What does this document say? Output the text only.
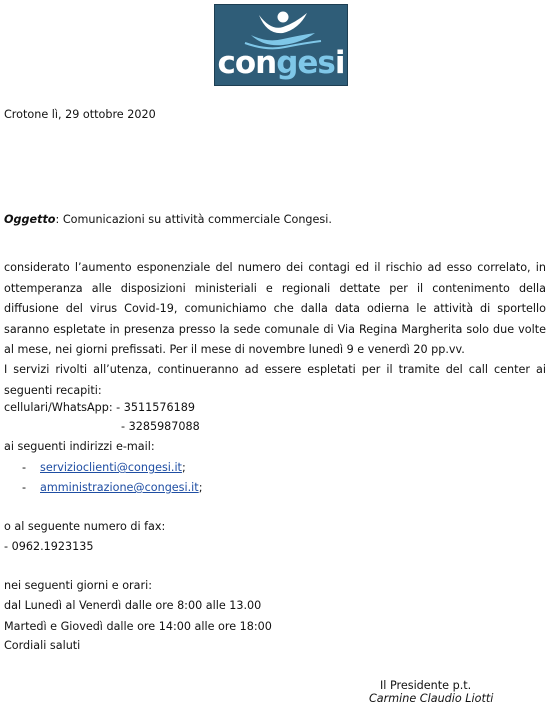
congesi
Crotone lì, 29 ottobre 2020
Oggetto: Comunicazioni su attività commerciale Congesi.
considerato l’aumento esponenziale del numero dei contagi ed il rischio ad esso correlato, in ottemperanza alle disposizioni ministeriali e regionali dettate per il contenimento della diffusione del virus Covid-19, comunichiamo che dalla data odierna le attività di sportello saranno espletate in presenza presso la sede comunale di Via Regina Margherita solo due volte al mese, nei giorni prefissati. Per il mese di novembre lunedì 9 e venerdì 20 pp.vv.
I servizi rivolti all’utenza, continueranno ad essere espletati per il tramite del call center ai seguenti recapiti:
cellulari/WhatsApp: - 3511576189
- 3285987088
ai seguenti indirizzi e-mail:
- servizioclienti@congesi.it;
- amministrazione@congesi.it;
o al seguente numero di fax:
- 0962.1923135
nei seguenti giorni e orari:
dal Lunedì al Venerdì dalle ore 8:00 alle 13.00
Martedì e Giovedì dalle ore 14:00 alle ore 18:00
Cordiali saluti
Il Presidente p.t.
Carmine Claudio Liotti
